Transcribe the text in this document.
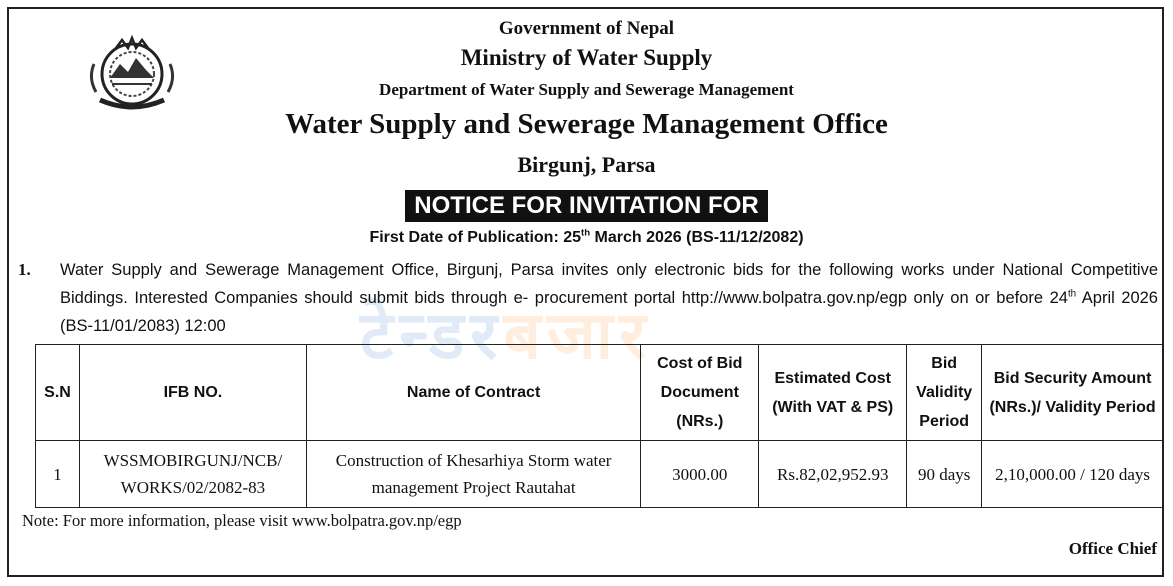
Government of Nepal
Ministry of Water Supply
Department of Water Supply and Sewerage Management
Water Supply and Sewerage Management Office
Birgunj, Parsa
NOTICE FOR INVITATION FOR
First Date of Publication: 25th March 2026 (BS-11/12/2082)
टेन्डरबजार
1. Water Supply and Sewerage Management Office, Birgunj, Parsa invites only electronic bids for the following works under National Competitive Biddings. Interested Companies should submit bids through e- procurement portal http://www.bolpatra.gov.np/egp only on or before 24th April 2026 (BS-11/01/2083) 12:00
S.N	IFB NO.	Name of Contract	Cost of Bid Document (NRs.)	Estimated Cost (With VAT & PS)	Bid Validity Period	Bid Security Amount (NRs.)/ Validity Period
1	WSSMOBIRGUNJ/NCB/ WORKS/02/2082-83	Construction of Khesarhiya Storm water management Project Rautahat	3000.00	Rs.82,02,952.93	90 days	2,10,000.00 / 120 days
Note: For more information, please visit www.bolpatra.gov.np/egp
Office Chief
